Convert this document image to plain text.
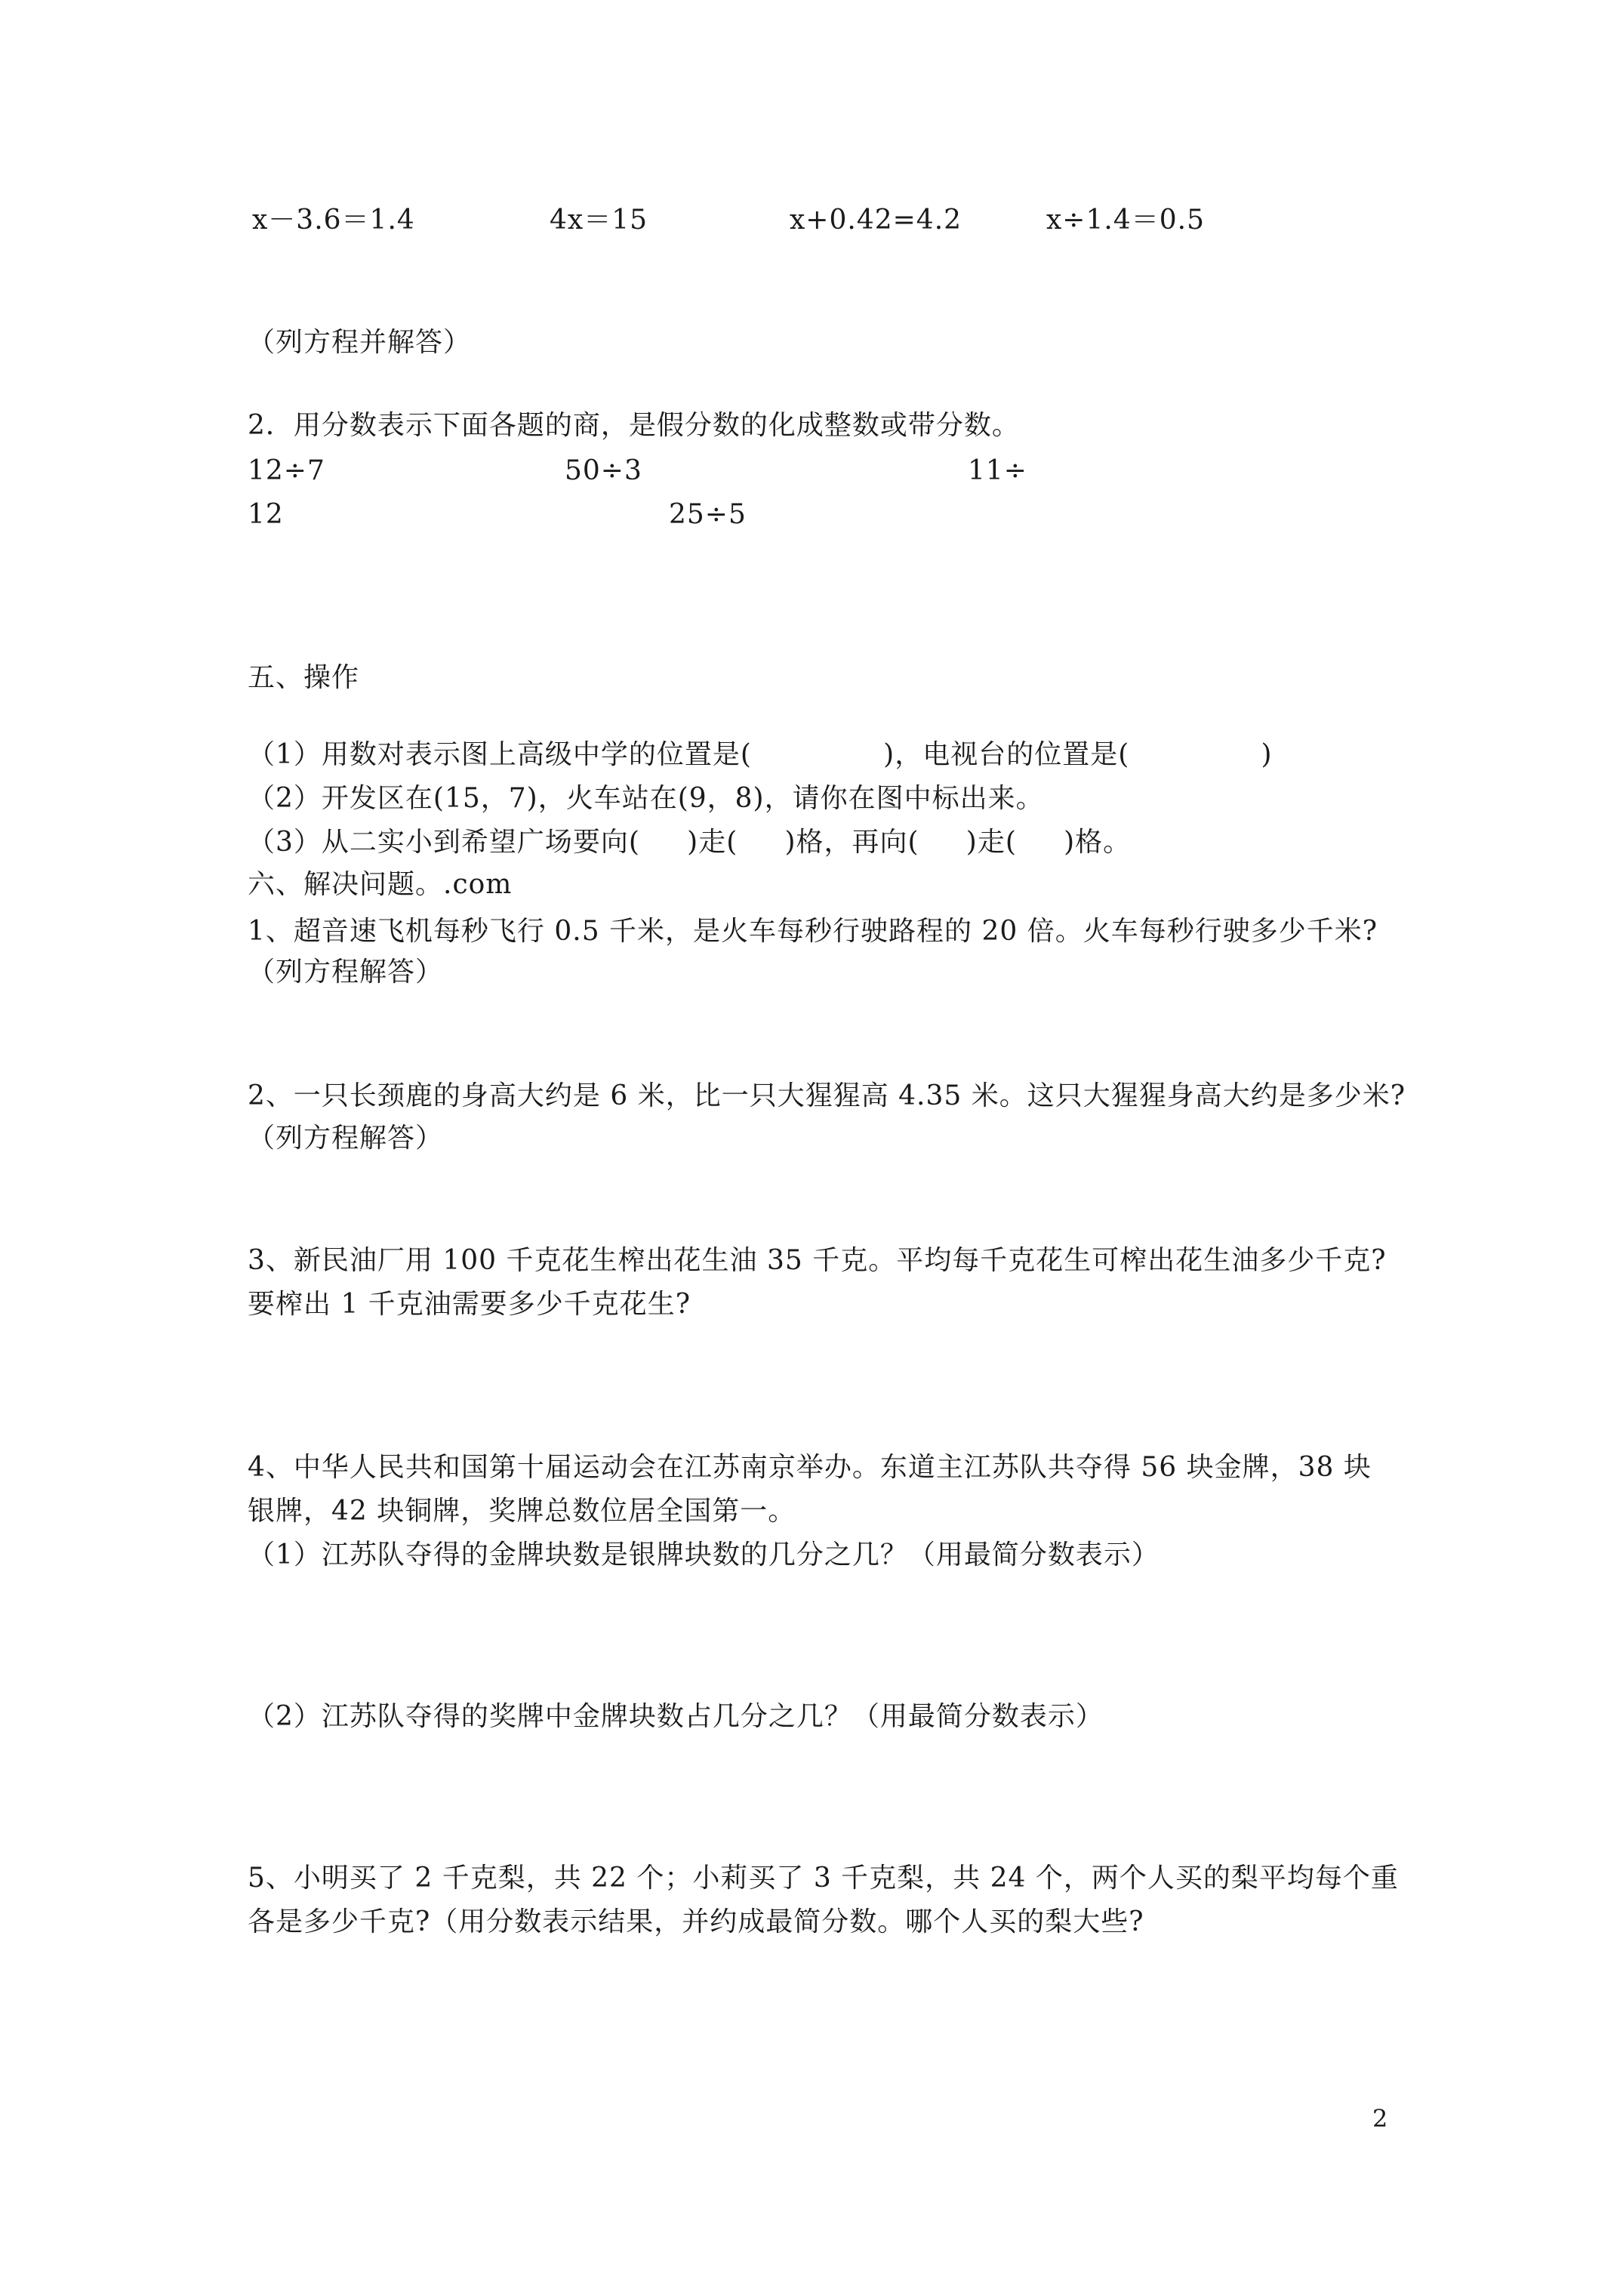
x－3.6＝1.4	4x＝15	x+0.42=4.2	x÷1.4＝0.5
（列方程并解答）
2．用分数表示下面各题的商，是假分数的化成整数或带分数。
12÷7	50÷3	11÷
12	25÷5
五、操作
（1）用数对表示图上高级中学的位置是(              )，电视台的位置是(              )
（2）开发区在(15，7)，火车站在(9，8)，请你在图中标出来。
（3）从二实小到希望广场要向(     )走(     )格，再向(     )走(     )格。
六、解决问题。.com
1、超音速飞机每秒飞行 0.5 千米，是火车每秒行驶路程的 20 倍。火车每秒行驶多少千米?
（列方程解答）
2、一只长颈鹿的身高大约是 6 米，比一只大猩猩高 4.35 米。这只大猩猩身高大约是多少米?
（列方程解答）
3、新民油厂用 100 千克花生榨出花生油 35 千克。平均每千克花生可榨出花生油多少千克?
要榨出 1 千克油需要多少千克花生?
4、中华人民共和国第十届运动会在江苏南京举办。东道主江苏队共夺得 56 块金牌，38 块
银牌，42 块铜牌，奖牌总数位居全国第一。
（1）江苏队夺得的金牌块数是银牌块数的几分之几？（用最简分数表示）
（2）江苏队夺得的奖牌中金牌块数占几分之几？（用最简分数表示）
5、小明买了 2 千克梨，共 22 个；小莉买了 3 千克梨，共 24 个，两个人买的梨平均每个重
各是多少千克?（用分数表示结果，并约成最简分数。哪个人买的梨大些?
2
